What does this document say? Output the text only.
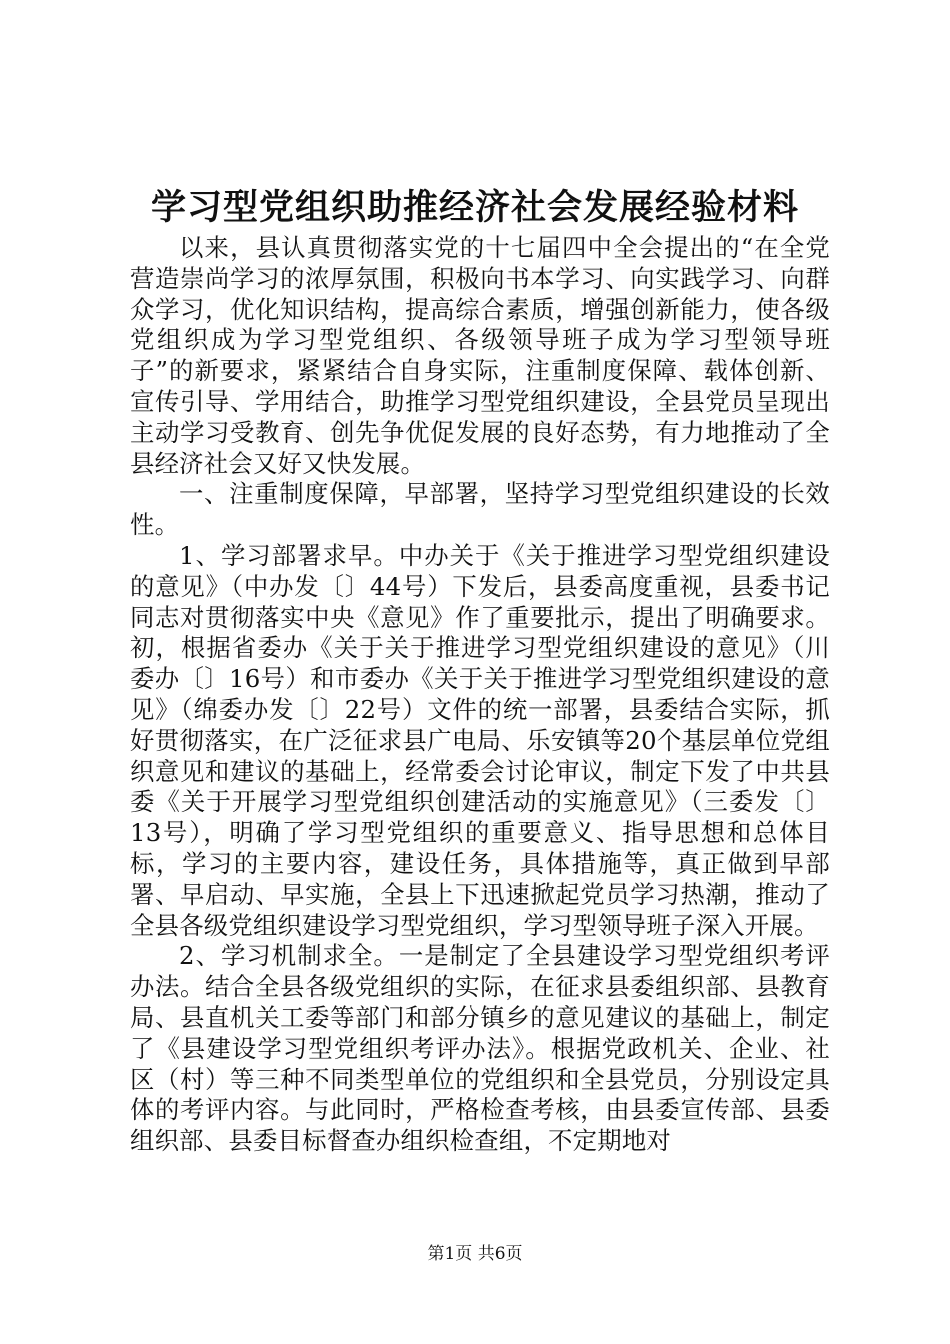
学习型党组织助推经济社会发展经验材料

以来，县认真贯彻落实党的十七届四中全会提出的“在全党营造崇尚学习的浓厚氛围，积极向书本学习、向实践学习、向群众学习，优化知识结构，提高综合素质，增强创新能力，使各级党组织成为学习型党组织、各级领导班子成为学习型领导班子”的新要求，紧紧结合自身实际，注重制度保障、载体创新、宣传引导、学用结合，助推学习型党组织建设，全县党员呈现出主动学习受教育、创先争优促发展的良好态势，有力地推动了全县经济社会又好又快发展。

一、注重制度保障，早部署，坚持学习型党组织建设的长效性。

1、学习部署求早。中办关于《关于推进学习型党组织建设的意见》（中办发〔〕44号）下发后，县委高度重视，县委书记同志对贯彻落实中央《意见》作了重要批示，提出了明确要求。初，根据省委办《关于关于推进学习型党组织建设的意见》（川委办〔〕16号）和市委办《关于关于推进学习型党组织建设的意见》（绵委办发〔〕22号）文件的统一部署，县委结合实际，抓好贯彻落实，在广泛征求县广电局、乐安镇等20个基层单位党组织意见和建议的基础上，经常委会讨论审议，制定下发了中共县委《关于开展学习型党组织创建活动的实施意见》（三委发〔〕13号），明确了学习型党组织的重要意义、指导思想和总体目标，学习的主要内容，建设任务，具体措施等，真正做到早部署、早启动、早实施，全县上下迅速掀起党员学习热潮，推动了全县各级党组织建设学习型党组织，学习型领导班子深入开展。

2、学习机制求全。一是制定了全县建设学习型党组织考评办法。结合全县各级党组织的实际，在征求县委组织部、县教育局、县直机关工委等部门和部分镇乡的意见建议的基础上，制定了《县建设学习型党组织考评办法》。根据党政机关、企业、社区（村）等三种不同类型单位的党组织和全县党员，分别设定具体的考评内容。与此同时，严格检查考核，由县委宣传部、县委组织部、县委目标督查办组织检查组，不定期地对

第1页 共6页
